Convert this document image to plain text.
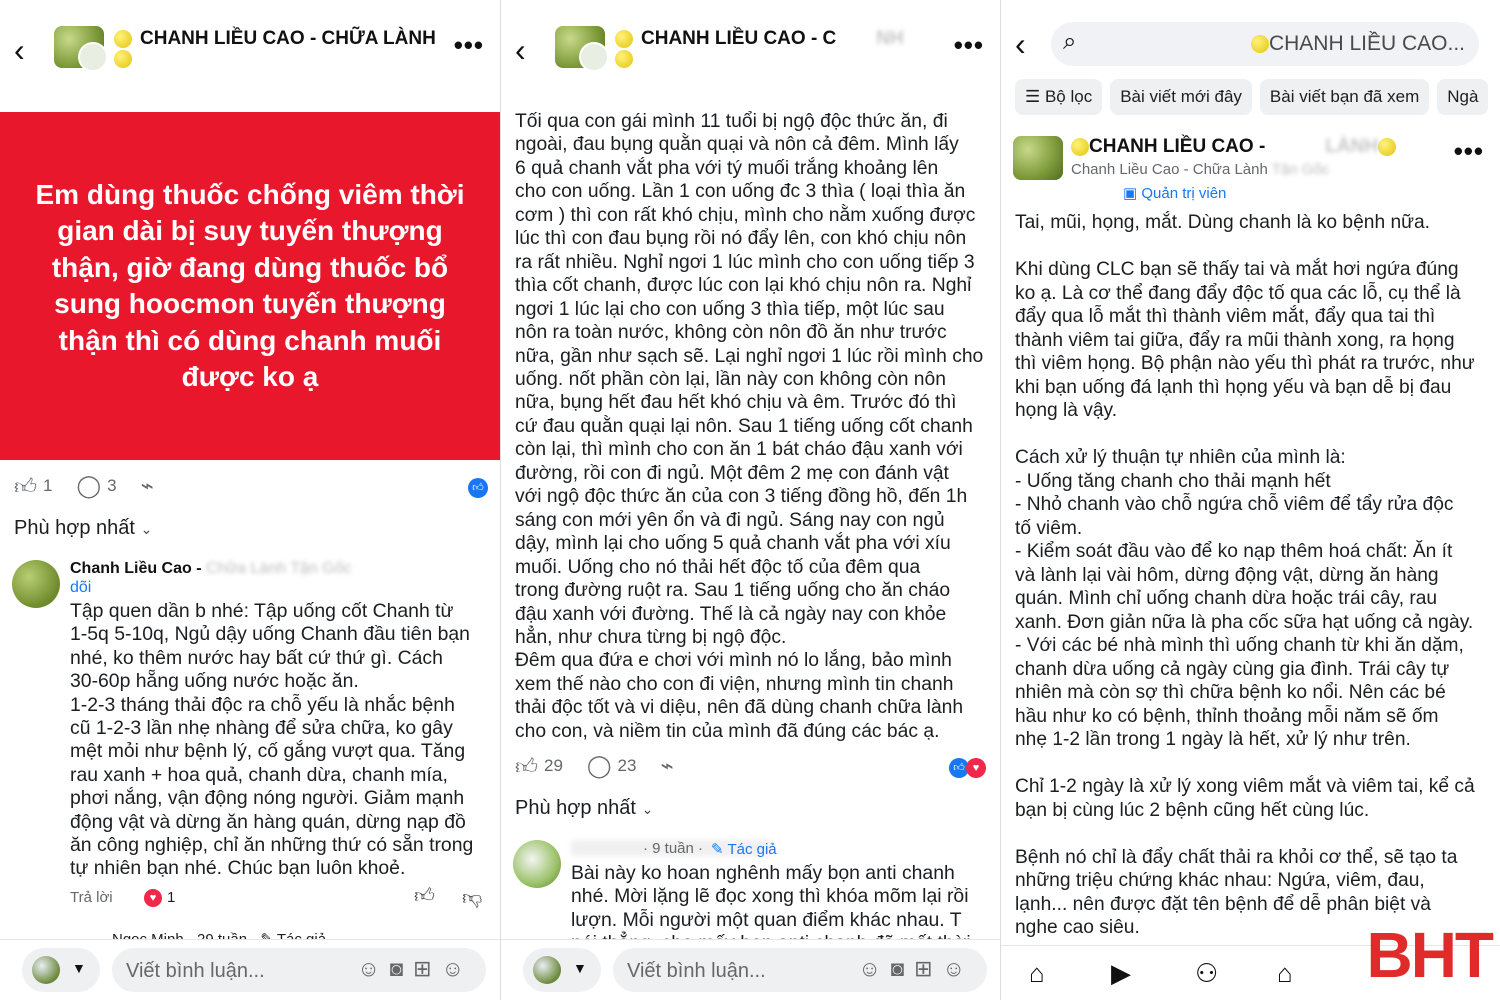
‹	CHANH LIỀU CAO - CHỮA LÀNH •••
Em dùng thuốc chống viêm thời gian dài bị suy tuyến thượng thận, giờ đang dùng thuốc bổ sung hoocmon tuyến thượng thận thì có dùng chanh muối được ko ạ
👍︎ 1 ◯ 3 ⌁	👍︎
Phù hợp nhất ⌄
Chanh Liều Cao - Chữa Lành Tận Gốc
dõi
Tập quen dần b nhé: Tập uống cốt Chanh từ
1-5q 5-10q, Ngủ dậy uống Chanh đầu tiên bạn
nhé, ko thêm nước hay bất cứ thứ gì. Cách
30-60p hẵng uống nước hoặc ăn.
1-2-3 tháng thải độc ra chỗ yếu là nhắc bệnh
cũ 1-2-3 lần nhẹ nhàng để sửa chữa, ko gây
mệt mỏi như bệnh lý, cố gắng vượt qua. Tăng
rau xanh + hoa quả, chanh dừa, chanh mía,
phơi nắng, vận động nóng người. Giảm mạnh
động vật và dừng ăn hàng quán, dừng nạp đồ
ăn công nghiệp, chỉ ăn những thứ có sẵn trong
tự nhiên bạn nhé. Chúc bạn luôn khoẻ.
Trả lời	♥ 1	👍︎ 👎︎
▼ Viết bình luận...	☺︎◙⊞☺︎
‹	CHANH LIỀU CAO - C NH •••
Tối qua con gái mình 11 tuổi bị ngộ độc thức ăn, đi
ngoài, đau bụng quằn quại và nôn cả đêm. Mình lấy
6 quả chanh vắt pha với tý muối trắng khoảng lên
cho con uống. Lần 1 con uống đc 3 thìa ( loại thìa ăn
cơm ) thì con rất khó chịu, mình cho nằm xuống được
lúc thì con đau bụng rồi nó đẩy lên, con khó chịu nôn
ra rất nhiều. Nghỉ ngơi 1 lúc mình cho con uống tiếp 3
thìa cốt chanh, được lúc con lại khó chịu nôn ra. Nghỉ
ngơi 1 lúc lại cho con uống 3 thìa tiếp, một lúc sau
nôn ra toàn nước, không còn nôn đồ ăn như trước
nữa, gần như sạch sẽ. Lại nghỉ ngơi 1 lúc rồi mình cho
uống. nốt phần còn lại, lần này con không còn nôn
nữa, bụng hết đau hết khó chịu và êm. Trước đó thì
cứ đau quằn quại lại nôn. Sau 1 tiếng uống cốt chanh
còn lại, thì mình cho con ăn 1 bát cháo đậu xanh với
đường, rồi con đi ngủ. Một đêm 2 mẹ con đánh vật
với ngộ độc thức ăn của con 3 tiếng đồng hồ, đến 1h
sáng con mới yên ổn và đi ngủ. Sáng nay con ngủ
dậy, mình lại cho uống 5 quả chanh vắt pha với xíu
muối. Uống cho nó thải hết độc tố của đêm qua
trong đường ruột ra. Sau 1 tiếng uống cho ăn cháo
đậu xanh với đường. Thế là cả ngày nay con khỏe
hẳn, như chưa từng bị ngộ độc.
Đêm qua đứa e chơi với mình nó lo lắng, bảo mình
xem thế nào cho con đi viện, nhưng mình tin chanh
thải độc tốt và vi diệu, nên đã dùng chanh chữa lành
cho con, và niềm tin của mình đã đúng các bác ạ.
👍︎ 29 ◯ 23 ⌁	👍︎ ♥
Phù hợp nhất ⌄
· 9 tuần · ✎ Tác giả
Bài này ko hoan nghênh mấy bọn anti chanh
nhé. Mời lặng lẽ đọc xong thì khóa mõm lại rồi
lượn. Mỗi người một quan điểm khác nhau. T

▼ Viết bình luận...	☺︎◙⊞☺︎
‹ ⌕	CHANH LIỀU CAO...
☰ Bộ lọc Bài viết mới đây Bài viết bạn đã xem Ngà
CHANH LIỀU CAO -	LÀNH	•••
Chanh Liều Cao - Chữa Lành Tận Gốc
▣ Quản trị viên
Tai, mũi, họng, mắt. Dùng chanh là ko bệnh nữa.

Khi dùng CLC bạn sẽ thấy tai và mắt hơi ngứa đúng
ko ạ. Là cơ thể đang đẩy độc tố qua các lỗ, cụ thể là
đẩy qua lỗ mắt thì thành viêm mắt, đẩy qua tai thì
thành viêm tai giữa, đẩy ra mũi thành xong, ra họng
thì viêm họng. Bộ phận nào yếu thì phát ra trước, như
khi bạn uống đá lạnh thì họng yếu và bạn dễ bị đau
họng là vậy.

Cách xử lý thuận tự nhiên của mình là:
- Uống tăng chanh cho thải mạnh hết
- Nhỏ chanh vào chỗ ngứa chỗ viêm để tẩy rửa độc
tố viêm.
- Kiểm soát đầu vào để ko nạp thêm hoá chất: Ăn ít
và lành lại vài hôm, dừng động vật, dừng ăn hàng
quán. Mình chỉ uống chanh dừa hoặc trái cây, rau
xanh. Đơn giản nữa là pha cốc sữa hạt uống cả ngày.
- Với các bé nhà mình thì uống chanh từ khi ăn dặm,
chanh dừa uống cả ngày cùng gia đình. Trái cây tự
nhiên mà còn sợ thì chữa bệnh ko nổi. Nên các bé
hầu như ko có bệnh, thỉnh thoảng mỗi năm sẽ ốm
nhẹ 1-2 lần trong 1 ngày là hết, xử lý như trên.

Chỉ 1-2 ngày là xử lý xong viêm mắt và viêm tai, kể cả
bạn bị cùng lúc 2 bệnh cũng hết cùng lúc.

Bệnh nó chỉ là đẩy chất thải ra khỏi cơ thể, sẽ tạo ta
những triệu chứng khác nhau: Ngứa, viêm, đau,
lạnh... nên được đặt tên bệnh để dễ phân biệt và
nghe cao siêu.
⌂	▶ ⚇ ⌂ BHT
